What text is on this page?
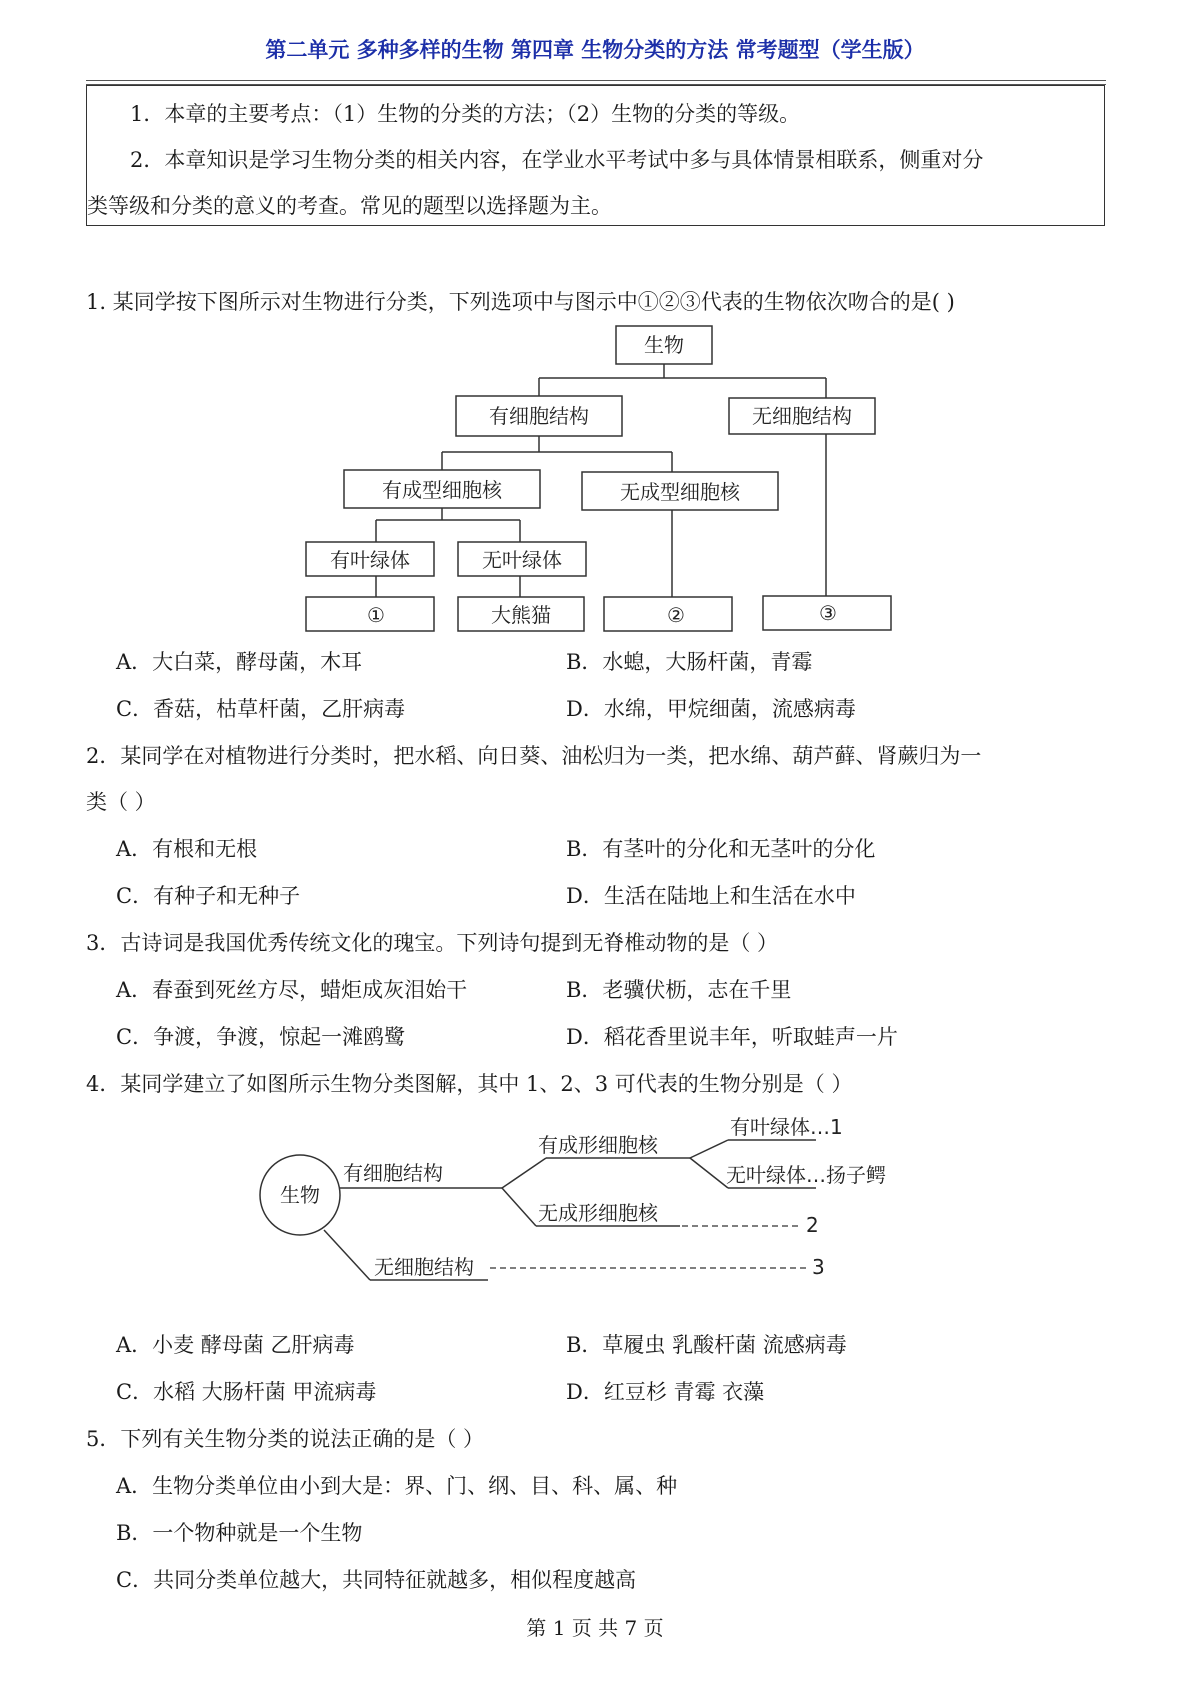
第二单元 多种多样的生物 第四章 生物分类的方法 常考题型（学生版）
1．本章的主要考点：（1）生物的分类的方法；（2）生物的分类的等级。
2．本章知识是学习生物分类的相关内容，在学业水平考试中多与具体情景相联系，侧重对分
类等级和分类的意义的考查。常见的题型以选择题为主。
1. 某同学按下图所示对生物进行分类，下列选项中与图示中①②③代表的生物依次吻合的是( )
生物
有细胞结构	无细胞结构
有成型细胞核	无成型细胞核
有叶绿体	无叶绿体
①	大熊猫	②	③
A．大白菜，酵母菌，木耳	B．水螅，大肠杆菌，青霉
C．香菇，枯草杆菌，乙肝病毒	D．水绵，甲烷细菌，流感病毒
2．某同学在对植物进行分类时，把水稻、向日葵、油松归为一类，把水绵、葫芦藓、肾蕨归为一
类（ ）
A．有根和无根	B．有茎叶的分化和无茎叶的分化
C．有种子和无种子	D．生活在陆地上和生活在水中
3．古诗词是我国优秀传统文化的瑰宝。下列诗句提到无脊椎动物的是（ ）
A．春蚕到死丝方尽，蜡炬成灰泪始干	B．老骥伏枥，志在千里
C．争渡，争渡，惊起一滩鸥鹭	D．稻花香里说丰年，听取蛙声一片
4．某同学建立了如图所示生物分类图解，其中 1、2、3 可代表的生物分别是（ ）
生物
有细胞结构
有成形细胞核
无成形细胞核
无细胞结构
有叶绿体…1
无叶绿体…扬子鳄
2
3
A．小麦 酵母菌 乙肝病毒	B．草履虫 乳酸杆菌 流感病毒
C．水稻 大肠杆菌 甲流病毒	D．红豆杉 青霉 衣藻
5．下列有关生物分类的说法正确的是（ ）
A．生物分类单位由小到大是：界、门、纲、目、科、属、种
B．一个物种就是一个生物
C．共同分类单位越大，共同特征就越多，相似程度越高
第 1 页 共 7 页
